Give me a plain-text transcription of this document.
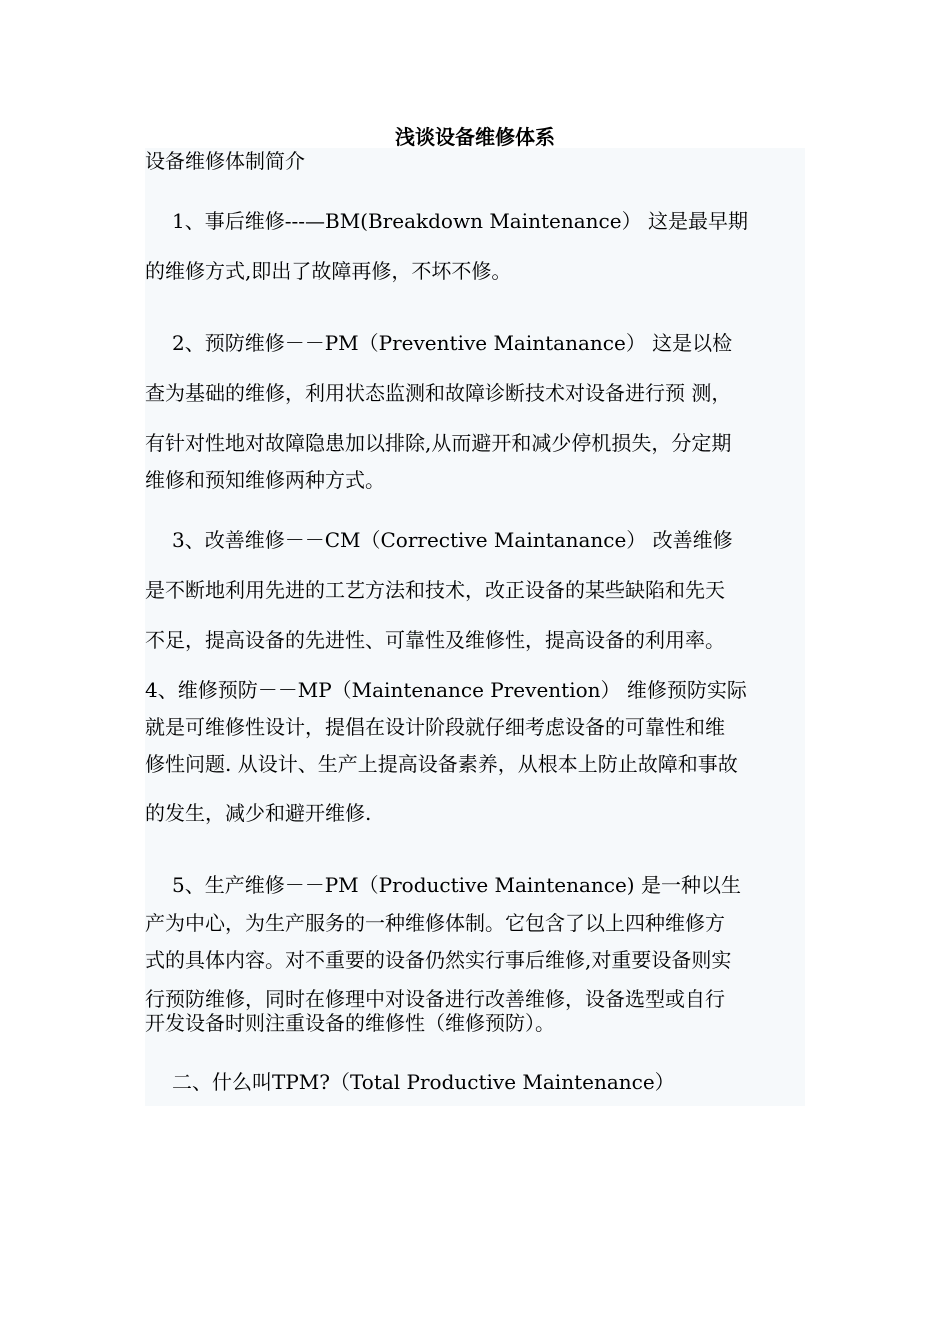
浅谈设备维修体系
设备维修体制简介
1、事后维修---—BM(Breakdown Maintenance） 这是最早期
的维修方式,即出了故障再修，不坏不修。
2、预防维修－－PM（Preventive Maintanance） 这是以检
查为基础的维修，利用状态监测和故障诊断技术对设备进行预 测，
有针对性地对故障隐患加以排除,从而避开和减少停机损失，分定期
维修和预知维修两种方式。
3、改善维修－－CM（Corrective Maintanance） 改善维修
是不断地利用先进的工艺方法和技术，改正设备的某些缺陷和先天
不足，提高设备的先进性、可靠性及维修性，提高设备的利用率。
4、维修预防－－MP（Maintenance Prevention） 维修预防实际
就是可维修性设计，提倡在设计阶段就仔细考虑设备的可靠性和维
修性问题. 从设计、生产上提高设备素养，从根本上防止故障和事故
的发生，减少和避开维修.
5、生产维修－－PM（Productive Maintenance) 是一种以生
产为中心，为生产服务的一种维修体制。它包含了以上四种维修方
式的具体内容。对不重要的设备仍然实行事后维修,对重要设备则实
行预防维修，同时在修理中对设备进行改善维修，设备选型或自行
开发设备时则注重设备的维修性（维修预防）。
二、什么叫TPM?（Total Productive Maintenance）
